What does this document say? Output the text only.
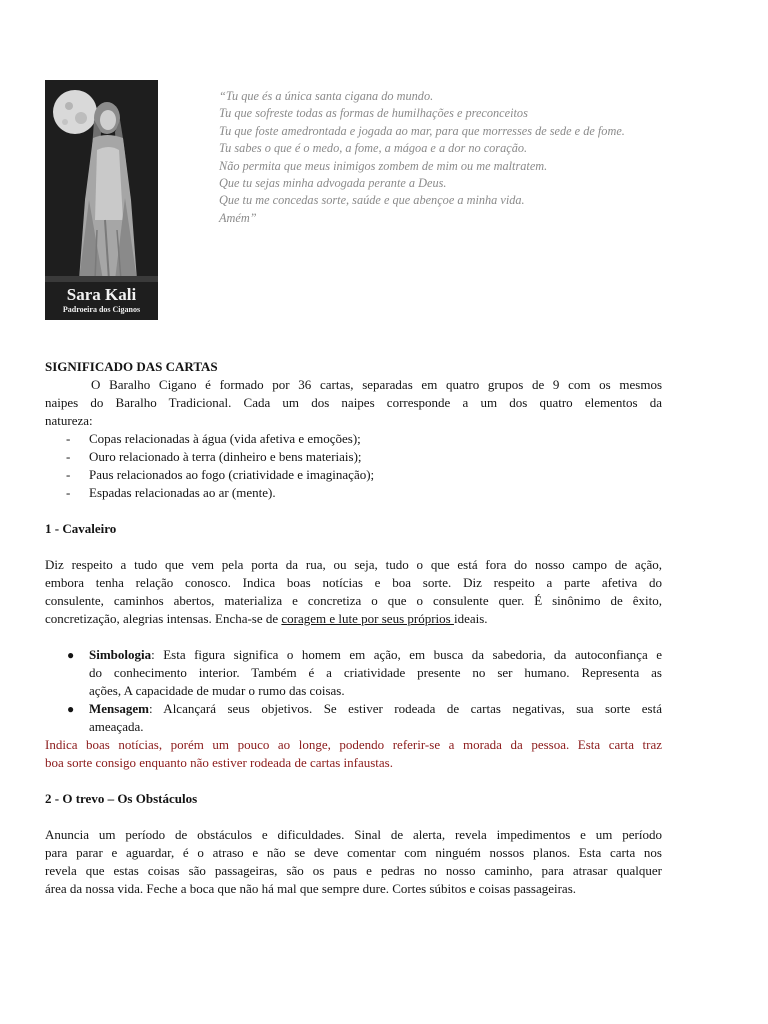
Sara Kali
Padroeira dos Ciganos
“Tu que és a única santa cigana do mundo.
Tu que sofreste todas as formas de humilhações e preconceitos
Tu que foste amedrontada e jogada ao mar, para que morresses de sede e de fome.
Tu sabes o que é o medo, a fome, a mágoa e a dor no coração.
Não permita que meus inimigos zombem de mim ou me maltratem.
Que tu sejas minha advogada perante a Deus.
Que tu me concedas sorte, saúde e que abençoe a minha vida.
Amém”
SIGNIFICADO DAS CARTAS
O Baralho Cigano é formado por 36 cartas, separadas em quatro grupos de 9 com os mesmos
naipes do Baralho Tradicional. Cada um dos naipes corresponde a um dos quatro elementos da
natureza:
- Copas relacionadas à água (vida afetiva e emoções);
- Ouro relacionado à terra (dinheiro e bens materiais);
- Paus relacionados ao fogo (criatividade e imaginação);
- Espadas relacionadas ao ar (mente).
1 - Cavaleiro
Diz respeito a tudo que vem pela porta da rua, ou seja, tudo o que está fora do nosso campo de ação,
embora tenha relação conosco. Indica boas notícias e boa sorte. Diz respeito a parte afetiva do
consulente, caminhos abertos, materializa e concretiza o que o consulente quer. É sinônimo de êxito,
concretização, alegrias intensas. Encha-se de coragem e lute por seus próprios ideais.
● Simbologia: Esta figura significa o homem em ação, em busca da sabedoria, da autoconfiança e
do conhecimento interior. Também é a criatividade presente no ser humano. Representa as
ações, A capacidade de mudar o rumo das coisas.
● Mensagem: Alcançará seus objetivos. Se estiver rodeada de cartas negativas, sua sorte está
ameaçada.
Indica boas notícias, porém um pouco ao longe, podendo referir-se a morada da pessoa. Esta carta traz
boa sorte consigo enquanto não estiver rodeada de cartas infaustas.
2 - O trevo – Os Obstáculos
Anuncia um período de obstáculos e dificuldades. Sinal de alerta, revela impedimentos e um período
para parar e aguardar, é o atraso e não se deve comentar com ninguém nossos planos. Esta carta nos
revela que estas coisas são passageiras, são os paus e pedras no nosso caminho, para atrasar qualquer
área da nossa vida. Feche a boca que não há mal que sempre dure. Cortes súbitos e coisas passageiras.
